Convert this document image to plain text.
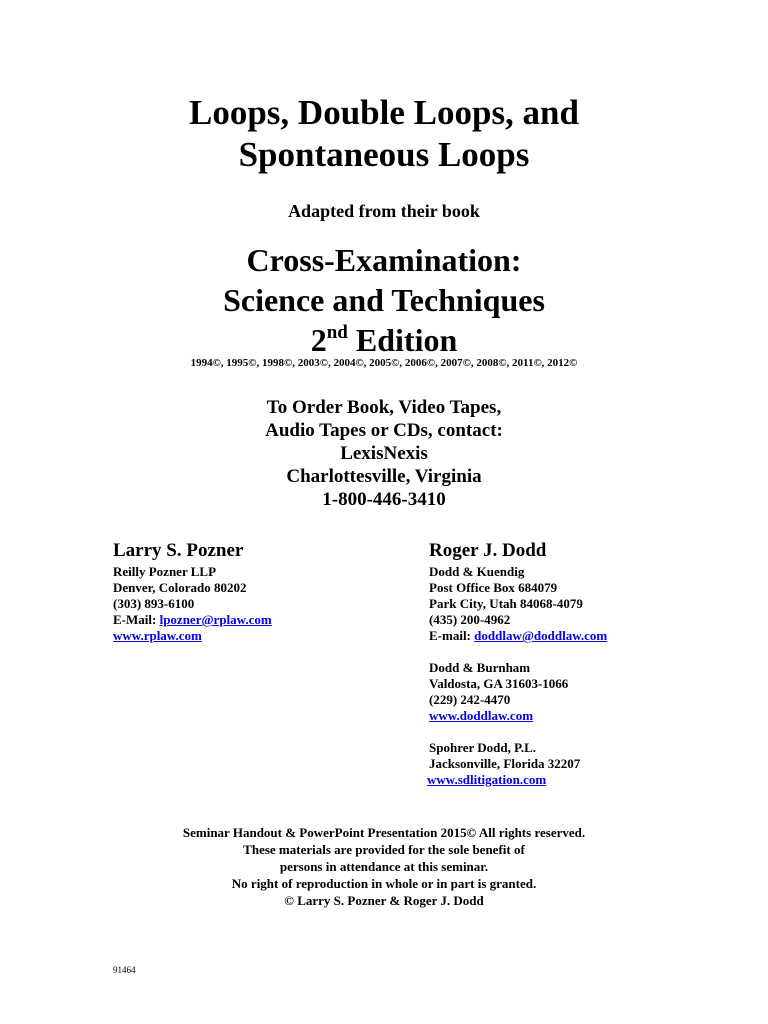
Loops, Double Loops, and
Spontaneous Loops
Adapted from their book
Cross-Examination:
Science and Techniques
2nd Edition
1994©, 1995©, 1998©, 2003©, 2004©, 2005©, 2006©, 2007©, 2008©, 2011©, 2012©
To Order Book, Video Tapes,
Audio Tapes or CDs, contact:
LexisNexis
Charlottesville, Virginia
1-800-446-3410
Larry S. Pozner
Reilly Pozner LLP
Denver, Colorado 80202
(303) 893-6100
E-Mail: lpozner@rplaw.com
www.rplaw.com
Roger J. Dodd
Dodd & Kuendig
Post Office Box 684079
Park City, Utah 84068-4079
(435) 200-4962
E-mail: doddlaw@doddlaw.com
Dodd & Burnham
Valdosta, GA 31603-1066
(229) 242-4470
www.doddlaw.com
Spohrer Dodd, P.L.
Jacksonville, Florida 32207
www.sdlitigation.com
Seminar Handout & PowerPoint Presentation 2015© All rights reserved.
These materials are provided for the sole benefit of
persons in attendance at this seminar.
No right of reproduction in whole or in part is granted.
© Larry S. Pozner & Roger J. Dodd
91464
